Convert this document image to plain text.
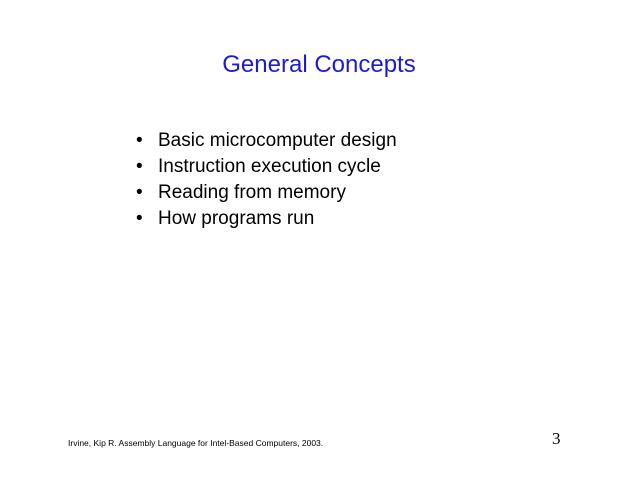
General Concepts
• Basic microcomputer design
• Instruction execution cycle
• Reading from memory
• How programs run
Irvine, Kip R. Assembly Language for Intel-Based Computers, 2003.	3
